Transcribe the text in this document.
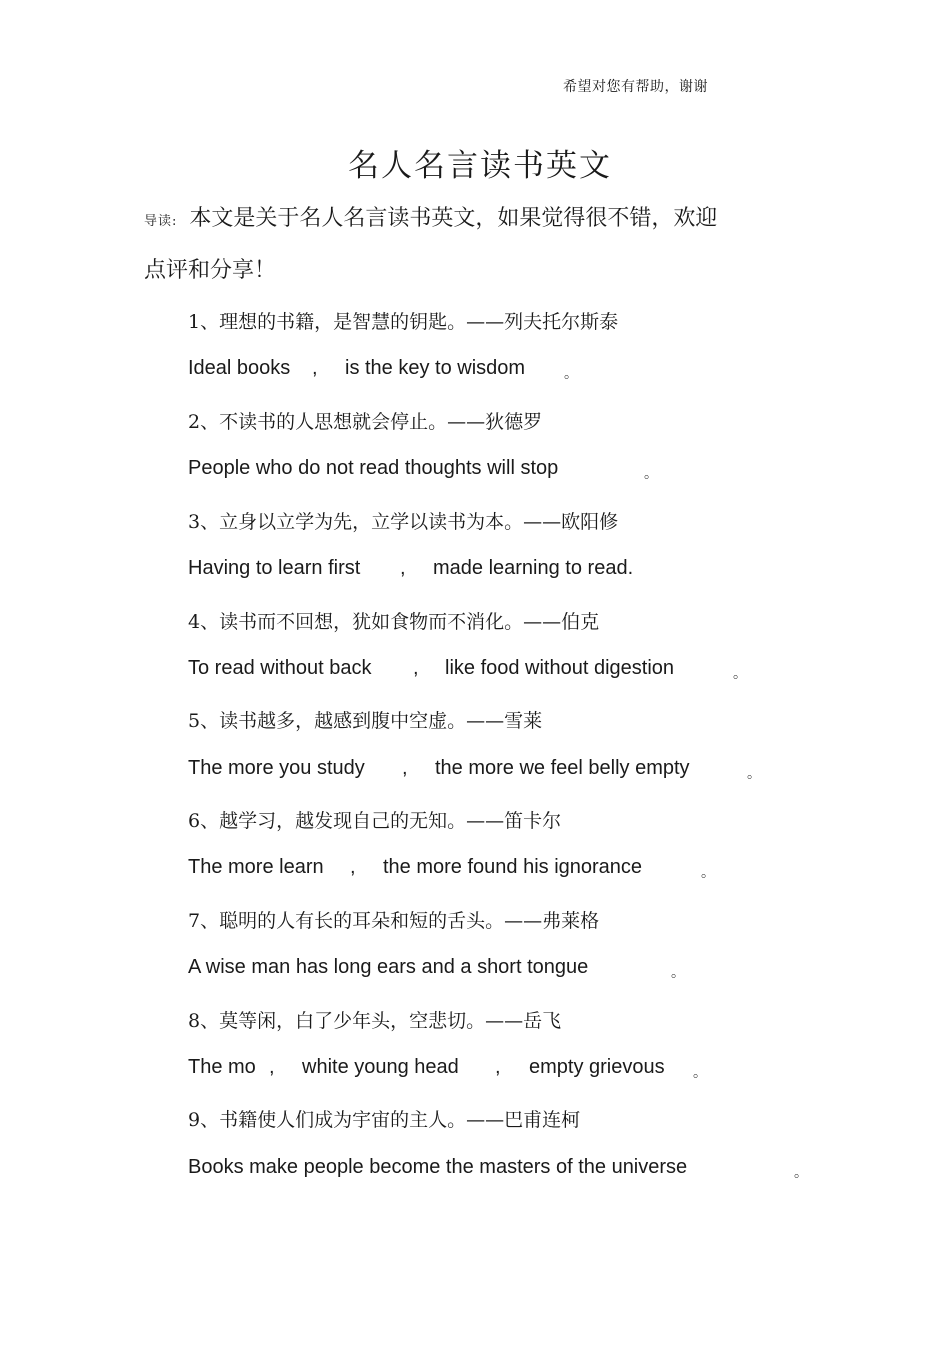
希望对您有帮助，谢谢
名人名言读书英文
导读: 本文是关于名人名言读书英文，如果觉得很不错，欢迎
点评和分享！
1、理想的书籍，是智慧的钥匙。——列夫托尔斯泰
Ideal books , is the key to wisdom	。
2、不读书的人思想就会停止。——狄德罗
People who do not read thoughts will stop	。
3、立身以立学为先，立学以读书为本。——欧阳修
Having to learn first , made learning to read.
4、读书而不回想，犹如食物而不消化。——伯克
To read without back , like food without digestion	。
5、读书越多，越感到腹中空虚。——雪莱
The more you study , the more we feel belly empty	。
6、越学习，越发现自己的无知。——笛卡尔
The more learn , the more found his ignorance	。
7、聪明的人有长的耳朵和短的舌头。——弗莱格
A wise man has long ears and a short tongue	。
8、莫等闲，白了少年头，空悲切。——岳飞
The mo , white young head , empty grievous 。
9、书籍使人们成为宇宙的主人。——巴甫连柯
Books make people become the masters of the universe	。
